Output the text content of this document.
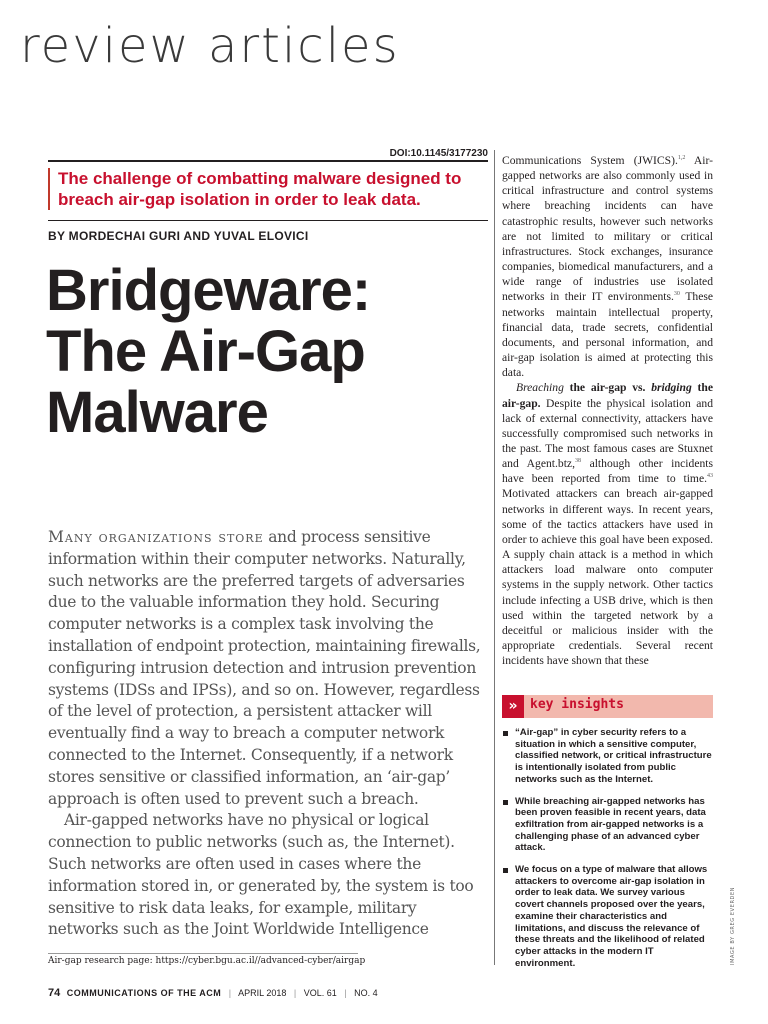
review articles
DOI:10.1145/3177230
The challenge of combatting malware designed to breach air-gap isolation in order to leak data.
BY MORDECHAI GURI AND YUVAL ELOVICI
Bridgeware:
The Air-Gap
Malware

Many organizations store and process sensitive information within their computer networks. Naturally, such networks are the preferred targets of adversaries due to the valuable information they hold. Securing computer networks is a complex task involving the installation of endpoint protection, maintaining firewalls, configuring intrusion detection and intrusion prevention systems (IDSs and IPSs), and so on. However, regardless of the level of protection, a persistent attacker will eventually find a way to breach a computer network connected to the Internet. Consequently, if a network stores sensitive or classified information, an ‘air-gap’ approach is often used to prevent such a breach.

Air-gapped networks have no physical or logical connection to public networks (such as, the Internet). Such networks are often used in cases where the information stored in, or generated by, the system is too sensitive to risk data leaks, for example, military networks such as the Joint Worldwide Intelligence

Air-gap research page: https://cyber.bgu.ac.il//advanced-cyber/airgap
74 COMMUNICATIONS OF THE ACM | APRIL 2018 | VOL. 61 | NO. 4

Communications System (JWICS).$^{1,2}$ Air-gapped networks are also commonly used in critical infrastructure and control systems where breaching incidents can have catastrophic results, however such networks are not limited to military or critical infrastructures. Stock exchanges, insurance companies, biomedical manufacturers, and a wide range of industries use isolated networks in their IT environments.$^{30}$ These networks maintain intellectual property, financial data, trade secrets, confidential documents, and personal information, and air-gap isolation is aimed at protecting this data.

Breaching the air-gap vs. bridging the air-gap. Despite the physical isolation and lack of external connectivity, attackers have successfully compromised such networks in the past. The most famous cases are Stuxnet and Agent.btz,$^{38}$ although other incidents have been reported from time to time.$^{43}$ Motivated attackers can breach air-gapped networks in different ways. In recent years, some of the tactics attackers have used in order to achieve this goal have been exposed. A supply chain attack is a method in which attackers load malware onto computer systems in the supply network. Other tactics include infecting a USB drive, which is then used within the targeted network by a deceitful or malicious insider with the appropriate credentials. Several recent incidents have shown that these

» key insights
“Air-gap” in cyber security refers to a situation in which a sensitive computer, classified network, or critical infrastructure is intentionally isolated from public networks such as the Internet.
While breaching air-gapped networks has been proven feasible in recent years, data exfiltration from air-gapped networks is a challenging phase of an advanced cyber attack.
We focus on a type of malware that allows attackers to overcome air-gap isolation in order to leak data. We survey various covert channels proposed over the years, examine their characteristics and limitations, and discuss the relevance of these threats and the likelihood of related cyber attacks in the modern IT environment.	IMAGE BY GREG EVERDEN
